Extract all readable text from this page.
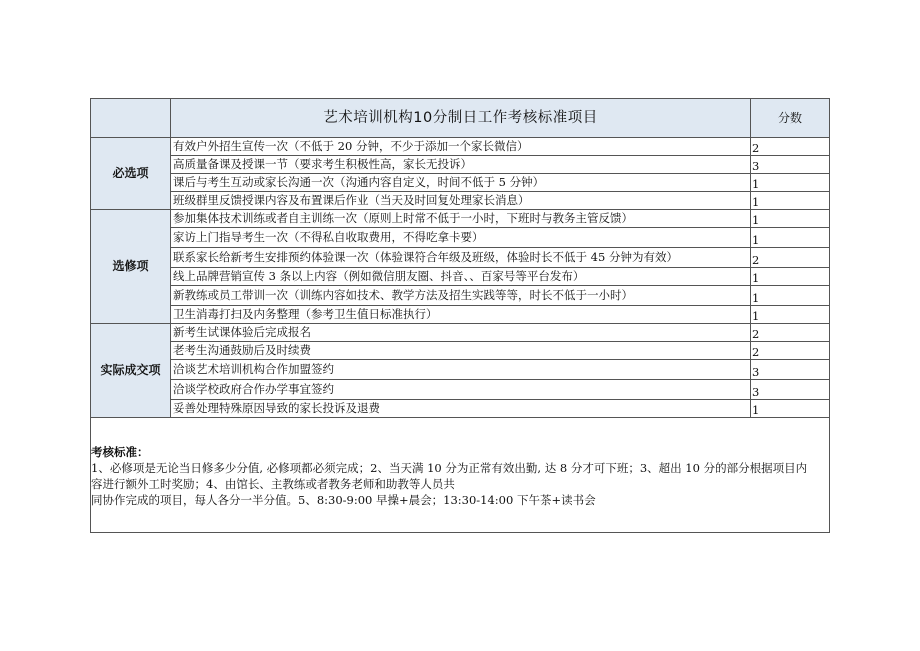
	艺术培训机构10分制日工作考核标准项目	分数
必选项	有效户外招生宣传一次（不低于 20 分钟，不少于添加一个家长微信）	2
	高质量备课及授课一节（要求考生积极性高，家长无投诉）	3
	课后与考生互动或家长沟通一次（沟通内容自定义，时间不低于 5 分钟）	1
	班级群里反馈授课内容及布置课后作业（当天及时回复处理家长消息）	1
选修项	参加集体技术训练或者自主训练一次（原则上时常不低于一小时，下班时与教务主管反馈）	1
	家访上门指导考生一次（不得私自收取费用，不得吃拿卡要）	1
	联系家长给新考生安排预约体验课一次（体验课符合年级及班级，体验时长不低于 45 分钟为有效）	2
	线上品牌营销宣传 3 条以上内容（例如微信朋友圈、抖音、、百家号等平台发布）	1
	新教练或员工带训一次（训练内容如技术、教学方法及招生实践等等，时长不低于一小时）	1
	卫生消毒打扫及内务整理（参考卫生值日标准执行）	1
实际成交项	新考生试课体验后完成报名	2
	老考生沟通鼓励后及时续费	2
	洽谈艺术培训机构合作加盟签约	3
	洽谈学校政府合作办学事宜签约	3
	妥善处理特殊原因导致的家长投诉及退费	1

考核标准：
1、必修项是无论当日修多少分值, 必修项都必须完成；2、当天满 10 分为正常有效出勤, 达 8 分才可下班；3、超出 10 分的部分根据项目内
容进行额外工时奖励；4、由馆长、主教练或者教务老师和助教等人员共
同协作完成的项目，每人各分一半分值。5、8:30-9:00 早操+晨会；13:30-14:00 下午茶+读书会		
